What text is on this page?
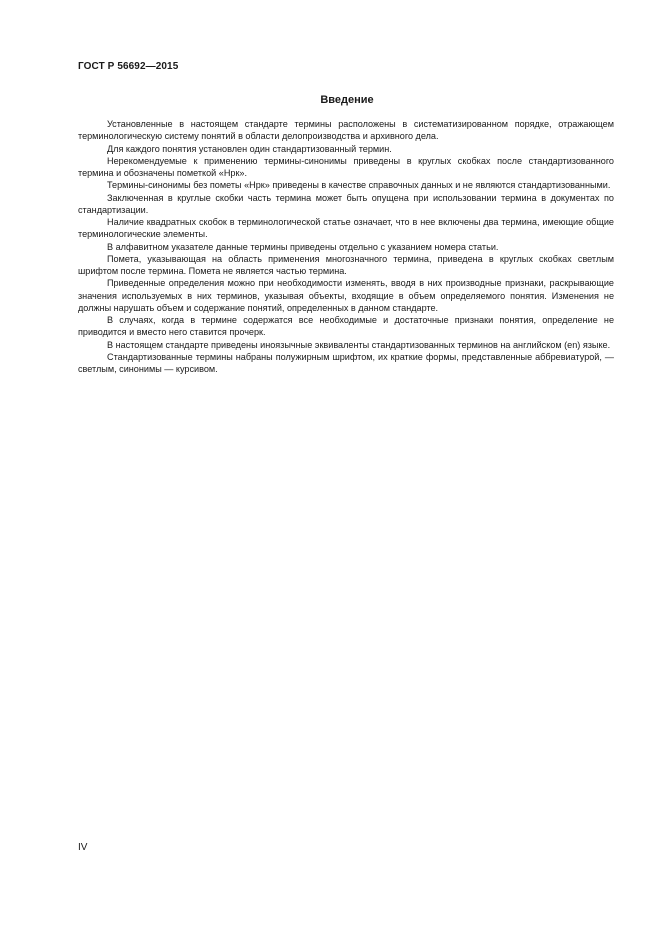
ГОСТ Р 56692—2015
Введение

Установленные в настоящем стандарте термины расположены в систематизированном порядке, отражающем терминологическую систему понятий в области делопроизводства и архивного дела.

Для каждого понятия установлен один стандартизованный термин.

Нерекомендуемые к применению термины-синонимы приведены в круглых скобках после стандартизованного термина и обозначены пометкой «Нрк».

Термины-синонимы без пометы «Нрк» приведены в качестве справочных данных и не являются стандартизованными.

Заключенная в круглые скобки часть термина может быть опущена при использовании термина в документах по стандартизации.

Наличие квадратных скобок в терминологической статье означает, что в нее включены два термина, имеющие общие терминологические элементы.

В алфавитном указателе данные термины приведены отдельно с указанием номера статьи.

Помета, указывающая на область применения многозначного термина, приведена в круглых скобках светлым шрифтом после термина. Помета не является частью термина.

Приведенные определения можно при необходимости изменять, вводя в них производные признаки, раскрывающие значения используемых в них терминов, указывая объекты, входящие в объем определяемого понятия. Изменения не должны нарушать объем и содержание понятий, определенных в данном стандарте.

В случаях, когда в термине содержатся все необходимые и достаточные признаки понятия, определение не приводится и вместо него ставится прочерк.

В настоящем стандарте приведены иноязычные эквиваленты стандартизованных терминов на английском (en) языке.

Стандартизованные термины набраны полужирным шрифтом, их краткие формы, представленные аббревиатурой, — светлым, синонимы — курсивом.

IV
